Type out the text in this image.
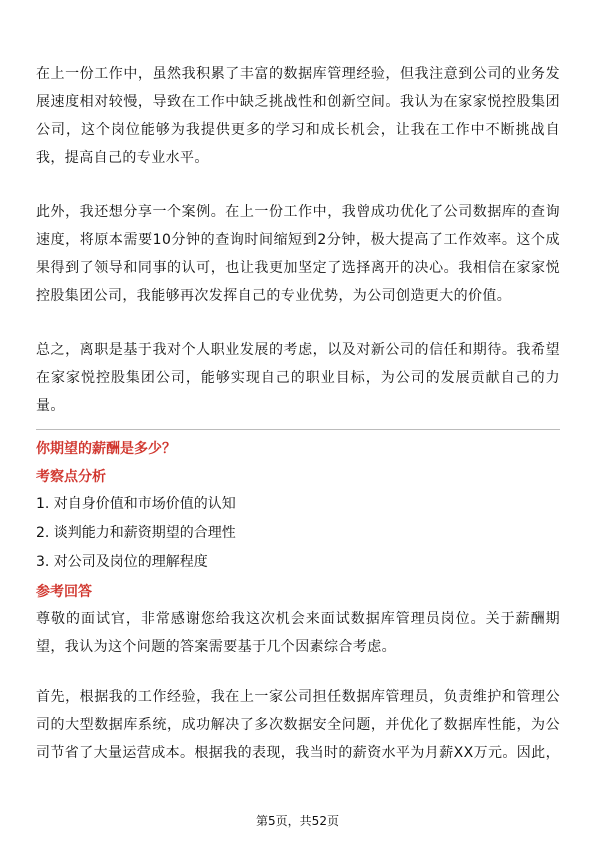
在上一份工作中，虽然我积累了丰富的数据库管理经验，但我注意到公司的业务发展速度相对较慢，导致在工作中缺乏挑战性和创新空间。我认为在家家悦控股集团公司，这个岗位能够为我提供更多的学习和成长机会，让我在工作中不断挑战自我，提高自己的专业水平。

此外，我还想分享一个案例。在上一份工作中，我曾成功优化了公司数据库的查询速度，将原本需要10分钟的查询时间缩短到2分钟，极大提高了工作效率。这个成果得到了领导和同事的认可，也让我更加坚定了选择离开的决心。我相信在家家悦控股集团公司，我能够再次发挥自己的专业优势，为公司创造更大的价值。

总之，离职是基于我对个人职业发展的考虑，以及对新公司的信任和期待。我希望在家家悦控股集团公司，能够实现自己的职业目标，为公司的发展贡献自己的力量。

你期望的薪酬是多少？

考察点分析

1. 对自身价值和市场价值的认知

2. 谈判能力和薪资期望的合理性

3. 对公司及岗位的理解程度

参考回答

尊敬的面试官，非常感谢您给我这次机会来面试数据库管理员岗位。关于薪酬期望，我认为这个问题的答案需要基于几个因素综合考虑。

首先，根据我的工作经验，我在上一家公司担任数据库管理员，负责维护和管理公司的大型数据库系统，成功解决了多次数据安全问题，并优化了数据库性能，为公司节省了大量运营成本。根据我的表现，我当时的薪资水平为月薪XX万元。因此，

第5页，共52页
